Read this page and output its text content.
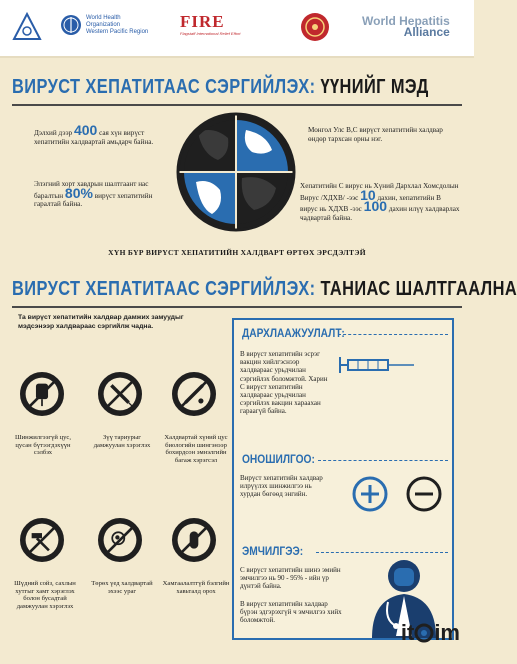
World Health Organization
Western Pacific Region
FIRE
Flagstaff International Relief Effort
World Hepatitis
Alliance
ВИРУСТ ХЕПАТИТААС СЭРГИЙЛЭХ: ҮҮНИЙГ МЭД
Дэлхий дээр 400 сая хүн вирүст хепатитийн халдвартай амьдарч байна.
Элэгний хорт хавдрын шалтгаант нас баралтын 80% вирүст хепатитийн гаралтай байна.
Монгол Улс В,С вирүст хепатитийн халдвар өндөр тархсан орны нэг.
Хепатитийн С вирус нь Хүний Дархлал Хомсдолын Вирус /ХДХВ/ -ээс 10 дахин, хепатитийн В вирус нь ХДХВ -ээс 100 дахин илүү халдварлах чадвартай байна.
ХҮН БҮР ВИРҮСТ ХЕПАТИТИЙН ХАЛДВАРТ ӨРТӨХ ЭРСДЭЛТЭЙ
ВИРУСТ ХЕПАТИТААС СЭРГИЙЛЭХ: ТАНИАС ШАЛТГААЛНА
Та вирүст хепатитийн халдвар дамжих замуудыг мэдсэнээр халдвараас сэргийлж чадна.
Шинжилгээгүй цус, цусан бүтээгдэхүүн сэлбэх
Зүү тариурыг дамжуулан хэрэглэх
Халдвартай хүний цус биологийн шингэнээр бохирдсон эмнэлгийн багаж хэрэгсэл
Шүдний сойз, сахлын хутгыг хамт хэрэглэх болон бусадтай дамжуулан хэрэглэх
Төрөх үед халдвартай эхээс ураг
Хамгаалалтгүй бэлгийн хавьталд орох
ДАРХЛААЖУУЛАЛТ:
В вирүст хепатитийн эсрэг вакцин хийлгэснээр халдвараас урьдчилан сэргийлэх боломжтой. Харин С вирүст хепатитийн халдвараас урьдчилан сэргийлэх вакцин хараахан гараагүй байна.
ОНОШИЛГОО:
Вирүст хепатитийн халдвар илрүүлэх шинжилгээ нь хурдан бөгөөд энгийн.
ЭМЧИЛГЭЭ:
С вирүст хепатитийн шинэ эмийн эмчилгээ нь 90 - 95% - ийн үр дүнтэй байна.
В вирүст хепатитийн халдвар бүрэн эдгэрэхгүй ч эмчилгээ хийх боломжтой.	it im
